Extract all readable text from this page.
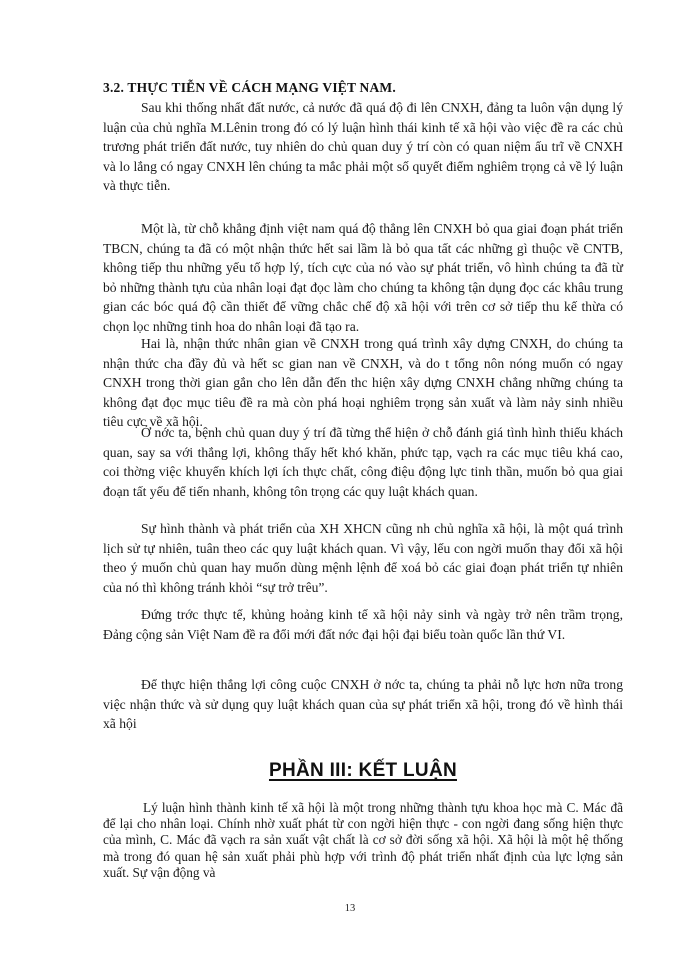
3.2. THỰC TIỄN VỀ CÁCH MẠNG VIỆT NAM.

Sau khi thống nhất đất nước, cả nước đã quá độ đi lên CNXH, đảng ta luôn vận dụng lý luận của chủ nghĩa M.Lênin trong đó có lý luận hình thái kinh tế xã hội vào việc đề ra các chủ trương phát triển đất nước, tuy nhiên do chủ quan duy ý trí còn có quan niệm ấu trĩ về CNXH và lo lắng có ngay CNXH lên chúng ta mắc phải một số quyết điểm nghiêm trọng cả về lý luận và thực tiễn.

Một là, từ chỗ khẳng định việt nam quá độ thẳng lên CNXH bỏ qua giai đoạn phát triển TBCN, chúng ta đã có một nhận thức hết sai lầm là bỏ qua tất các những gì thuộc về CNTB, không tiếp thu những yếu tố hợp lý, tích cực của nó vào sự phát triển, vô hình chúng ta đã từ bỏ những thành tựu của nhân loại đạt đọc làm cho chúng ta không tận dụng đọc các khâu trung gian các bóc quá độ cần thiết để vững chắc chế độ xã hội với trên cơ sở tiếp thu kế thừa có chọn lọc những tinh hoa do nhân loại đã tạo ra.

Hai là, nhận thức nhân gian về CNXH trong quá trình xây dựng CNXH, do chúng ta nhận thức cha đầy đủ và hết sc gian nan về CNXH, và do t tổng nôn nóng muốn có ngay CNXH trong thời gian gắn cho lên dẫn đến thc hiện xây dựng CNXH chẳng những chúng ta không đạt đọc mục tiêu đề ra mà còn phá hoại nghiêm trọng sản xuất và làm nảy sinh nhiều tiêu cực về xã hội.

Ở nớc ta, bệnh chủ quan duy ý trí đã từng thể hiện ở chỗ đánh giá tình hình thiếu khách quan, say sa với thắng lợi, không thấy hết khó khăn, phức tạp, vạch ra các mục tiêu khá cao, coi thờng việc khuyến khích lợi ích thực chất, công điệu động lực tinh thần, muốn bỏ qua giai đoạn tất yếu để tiến nhanh, không tôn trọng các quy luật khách quan.

Sự hình thành và phát triển của XH XHCN cũng nh chủ nghĩa xã hội, là một quá trình lịch sử tự nhiên, tuân theo các quy luật khách quan. Vì vậy, lếu con ngời muốn thay đổi xã hội theo ý muốn chủ quan hay muốn dùng mệnh lệnh để xoá bỏ các giai đoạn phát triển tự nhiên của nó thì không tránh khỏi “sự trở trêu”.

Đứng trớc thực tế, khủng hoảng kinh tế xã hội nảy sinh và ngày trở nên trầm trọng, Đảng cộng sản Việt Nam đề ra đổi mới đất nớc đại hội đại biểu toàn quốc lần thứ VI.

Để thực hiện thắng lợi công cuộc CNXH ở nớc ta, chúng ta phải nỗ lực hơn nữa trong việc nhận thức và sử dụng quy luật khách quan của sự phát triển xã hội, trong đó về hình thái xã hội

PHẦN III: KẾT LUẬN

Lý luận hình thành kinh tế xã hội là một trong những thành tựu khoa học mà C. Mác đã để lại cho nhân loại. Chính nhờ xuất phát từ con ngời hiện thực - con ngời đang sống hiện thực của mình, C. Mác đã vạch ra sản xuất vật chất là cơ sở đời sống xã hội. Xã hội là một hệ thống mà trong đó quan hệ sản xuất phải phù hợp với trình độ phát triển nhất định của lực lợng sản xuất. Sự vận động và

13
